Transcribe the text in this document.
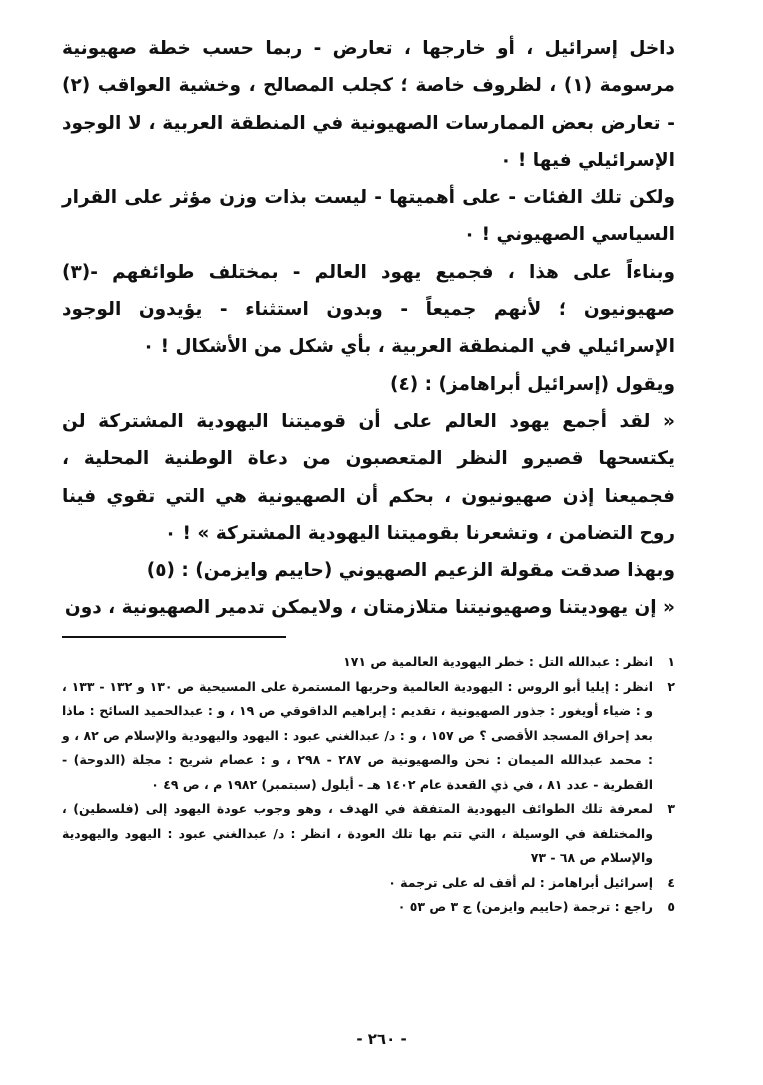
داخل إسرائيل ، أو خارجها ، تعارض - ربما حسب خطة صهيونية مرسومة (١) ، لظروف خاصة ؛ كجلب المصالح ، وخشية العواقب (٢) - تعارض بعض الممارسات الصهيونية في المنطقة العربية ، لا الوجود الإسرائيلي فيها ! ٠

ولكن تلك الفئات - على أهميتها - ليست بذات وزن مؤثر على القرار السياسي الصهيوني ! ٠

وبناءاً على هذا ، فجميع يهود العالم - بمختلف طوائفهم -(٣) صهيونيون ؛ لأنهم جميعاً - وبدون استثناء - يؤيدون الوجود الإسرائيلي في المنطقة العربية ، بأي شكل من الأشكال ! ٠

ويقول (إسرائيل أبراهامز) : (٤)

« لقد أجمع يهود العالم على أن قوميتنا اليهودية المشتركة لن يكتسحها قصيرو النظر المتعصبون من دعاة الوطنية المحلية ، فجميعنا إذن صهيونيون ، بحكم أن الصهيونية هي التي تقوي فينا روح التضامن ، وتشعرنا بقوميتنا اليهودية المشتركة » ! ٠

وبهذا صدقت مقولة الزعيم الصهيوني (حاييم وايزمن) : (٥)

« إن يهوديتنا وصهيونيتنا متلازمتان ، ولايمكن تدمير الصهيونية ، دون

١
انظر : عبدالله التل : خطر اليهودية العالمية ص ١٧١
٢
انظر : إيليا أبو الروس : اليهودية العالمية وحربها المستمرة على المسيحية ص ١٣٠ و ١٣٢ - ١٣٣ ، و : ضياء أويغور : جذور الصهيونية ، تقديم : إبراهيم الداقوقي ص ١٩ ، و : عبدالحميد السائح : ماذا بعد إحراق المسجد الأقصى ؟ ص ١٥٧ ، و : د/ عبدالغني عبود : اليهود واليهودية والإسلام ص ٨٢ ، و : محمد عبدالله الميمان : نحن والصهيونية ص ٢٨٧ - ٢٩٨ ، و : عصام شريح : مجلة (الدوحة) - القطرية - عدد ٨١ ، في ذي القعدة عام ١٤٠٢ هـ - أيلول (سبتمبر) ١٩٨٢ م ، ص ٤٩ ٠
٣
لمعرفة تلك الطوائف اليهودية المتفقة في الهدف ، وهو وجوب عودة اليهود إلى (فلسطين) ، والمختلفة في الوسيلة ، التي تتم بها تلك العودة ، انظر : د/ عبدالغني عبود : اليهود واليهودية والإسلام ص ٦٨ - ٧٣
٤
إسرائيل أبراهامز : لم أقف له على ترجمة ٠
٥
راجع : ترجمة (حاييم وايزمن) ج ٣ ص ٥٣ ٠
- ٢٦٠ -
